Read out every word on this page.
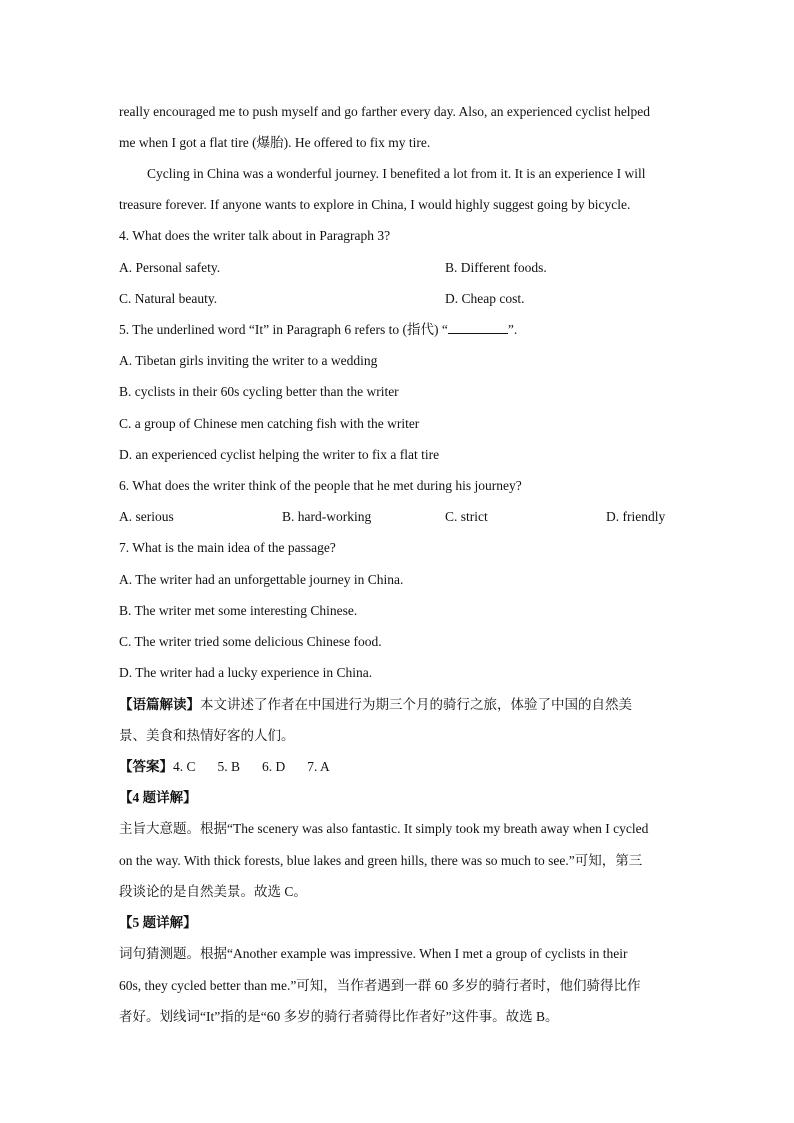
really encouraged me to push myself and go farther every day. Also, an experienced cyclist helped
me when I got a flat tire (爆胎). He offered to fix my tire.
Cycling in China was a wonderful journey. I benefited a lot from it. It is an experience I will
treasure forever. If anyone wants to explore in China, I would highly suggest going by bicycle.
4. What does the writer talk about in Paragraph 3?
A. Personal safety.	B. Different foods.
C. Natural beauty.	D. Cheap cost.
5. The underlined word “It” in Paragraph 6 refers to (指代) “	”.
A. Tibetan girls inviting the writer to a wedding
B. cyclists in their 60s cycling better than the writer
C. a group of Chinese men catching fish with the writer
D. an experienced cyclist helping the writer to fix a flat tire
6. What does the writer think of the people that he met during his journey?
A. serious	B. hard-working	C. strict	D. friendly
7. What is the main idea of the passage?
A. The writer had an unforgettable journey in China.
B. The writer met some interesting Chinese.
C. The writer tried some delicious Chinese food.
D. The writer had a lucky experience in China.
【语篇解读】本文讲述了作者在中国进行为期三个月的骑行之旅，体验了中国的自然美
景、美食和热情好客的人们。
【答案】4. C 5. B 6. D 7. A
【4 题详解】
主旨大意题。根据“The scenery was also fantastic. It simply took my breath away when I cycled
on the way. With thick forests, blue lakes and green hills, there was so much to see.”可知，第三
段谈论的是自然美景。故选 C。
【5 题详解】
词句猜测题。根据“Another example was impressive. When I met a group of cyclists in their
60s, they cycled better than me.”可知，当作者遇到一群 60 多岁的骑行者时，他们骑得比作
者好。划线词“It”指的是“60 多岁的骑行者骑得比作者好”这件事。故选 B。
